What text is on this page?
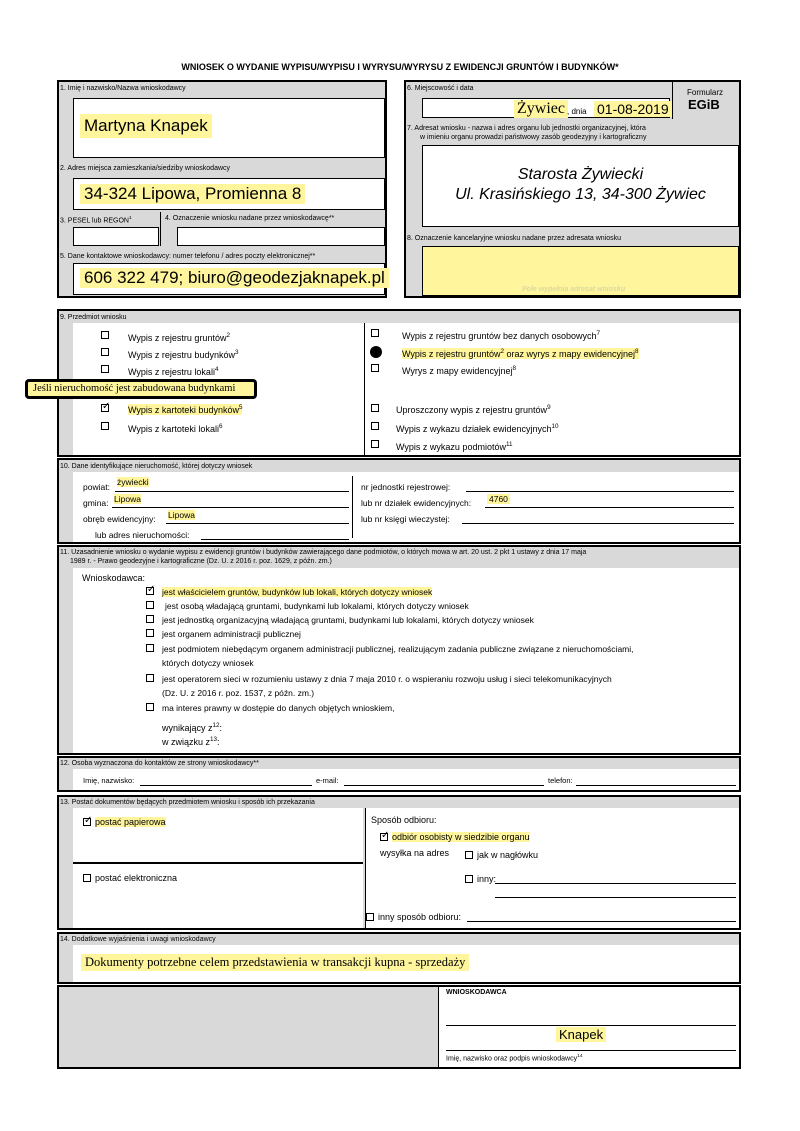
WNIOSEK O WYDANIE WYPISU/WYPISU I WYRYSU/WYRYSU Z EWIDENCJI GRUNTÓW I BUDYNKÓW*
1. Imię i nazwisko/Nazwa wnioskodawcy
Martyna Knapek
2. Adres miejsca zamieszkania/siedziby wnioskodawcy
34-324 Lipowa, Promienna 8
3. PESEL lub REGON$^1$	4. Oznaczenie wniosku nadane przez wnioskodawcę**
5. Dane kontaktowe wnioskodawcy: numer telefonu / adres poczty elektronicznej**
606 322 479; biuro@geodezjaknapek.pl
6. Miejscowość i data
Żywiec , dnia 01-08-2019
Formularz
EGiB
7. Adresat wniosku - nazwa i adres organu lub jednostki organizacyjnej, która
w imieniu organu prowadzi państwowy zasób geodezyjny i kartograficzny
Starosta Żywiecki
Ul. Krasińskiego 13, 34-300 Żywiec
8. Oznaczenie kancelaryjne wniosku nadane przez adresata wniosku
Pole wypełnia adresat wniosku
9. Przedmiot wniosku
Wypis z rejestru gruntów$^2$
Wypis z rejestru budynków$^3$
Wypis z rejestru lokali$^4$
✓
Wypis z kartoteki budynków$^5$
Wypis z kartoteki lokali$^6$
Jeśli nieruchomość jest zabudowana budynkami
Wypis z rejestru gruntów bez danych osobowych$^7$
Wypis z rejestru gruntów$^2$ oraz wyrys z mapy ewidencyjnej$^8$
Wyrys z mapy ewidencyjnej$^8$
Uproszczony wypis z rejestru gruntów$^9$
Wypis z wykazu działek ewidencyjnych$^{10}$
Wypis z wykazu podmiotów$^{11}$
10. Dane identyfikujące nieruchomość, której dotyczy wniosek
powiat: żywiecki
gmina: Lipowa
obręb ewidencyjny: Lipowa
lub adres nieruchomości:
nr jednostki rejestrowej:
lub nr działek ewidencyjnych: 4760
lub nr księgi wieczystej:
11. Uzasadnienie wniosku o wydanie wypisu z ewidencji gruntów i budynków zawierającego dane podmiotów, o których mowa w art. 20 ust. 2 pkt 1 ustawy z dnia 17 maja
1989 r. - Prawo geodezyjne i kartograficzne (Dz. U. z 2016 r. poz. 1629, z późn. zm.)
Wnioskodawca:
✓
jest właścicielem gruntów, budynków lub lokali, których dotyczy wniosek
jest osobą władającą gruntami, budynkami lub lokalami, których dotyczy wniosek
jest jednostką organizacyjną władającą gruntami, budynkami lub lokalami, których dotyczy wniosek
jest organem administracji publicznej
jest podmiotem niebędącym organem administracji publicznej, realizującym zadania publiczne związane z nieruchomościami,
których dotyczy wniosek
jest operatorem sieci w rozumieniu ustawy z dnia 7 maja 2010 r. o wspieraniu rozwoju usług i sieci telekomunikacyjnych
(Dz. U. z 2016 r. poz. 1537, z późn. zm.)
ma interes prawny w dostępie do danych objętych wnioskiem,
wynikający $z^{12}$:
w związku $z^{13}$:
12. Osoba wyznaczona do kontaktów ze strony wnioskodawcy**
Imię, nazwisko:	e-mail:	telefon:
13. Postać dokumentów będących przedmiotem wniosku i sposób ich przekazania
✓
postać papierowa
postać elektroniczna
Sposób odbioru:
✓
odbiór osobisty w siedzibie organu
wysyłka na adres	jak w nagłówku
inny:
inny sposób odbioru:
14. Dodatkowe wyjaśnienia i uwagi wnioskodawcy
Dokumenty potrzebne celem przedstawienia w transakcji kupna - sprzedaży
WNIOSKODAWCA
Knapek
Imię, nazwisko oraz podpis wnioskodawcy$^{14}$
